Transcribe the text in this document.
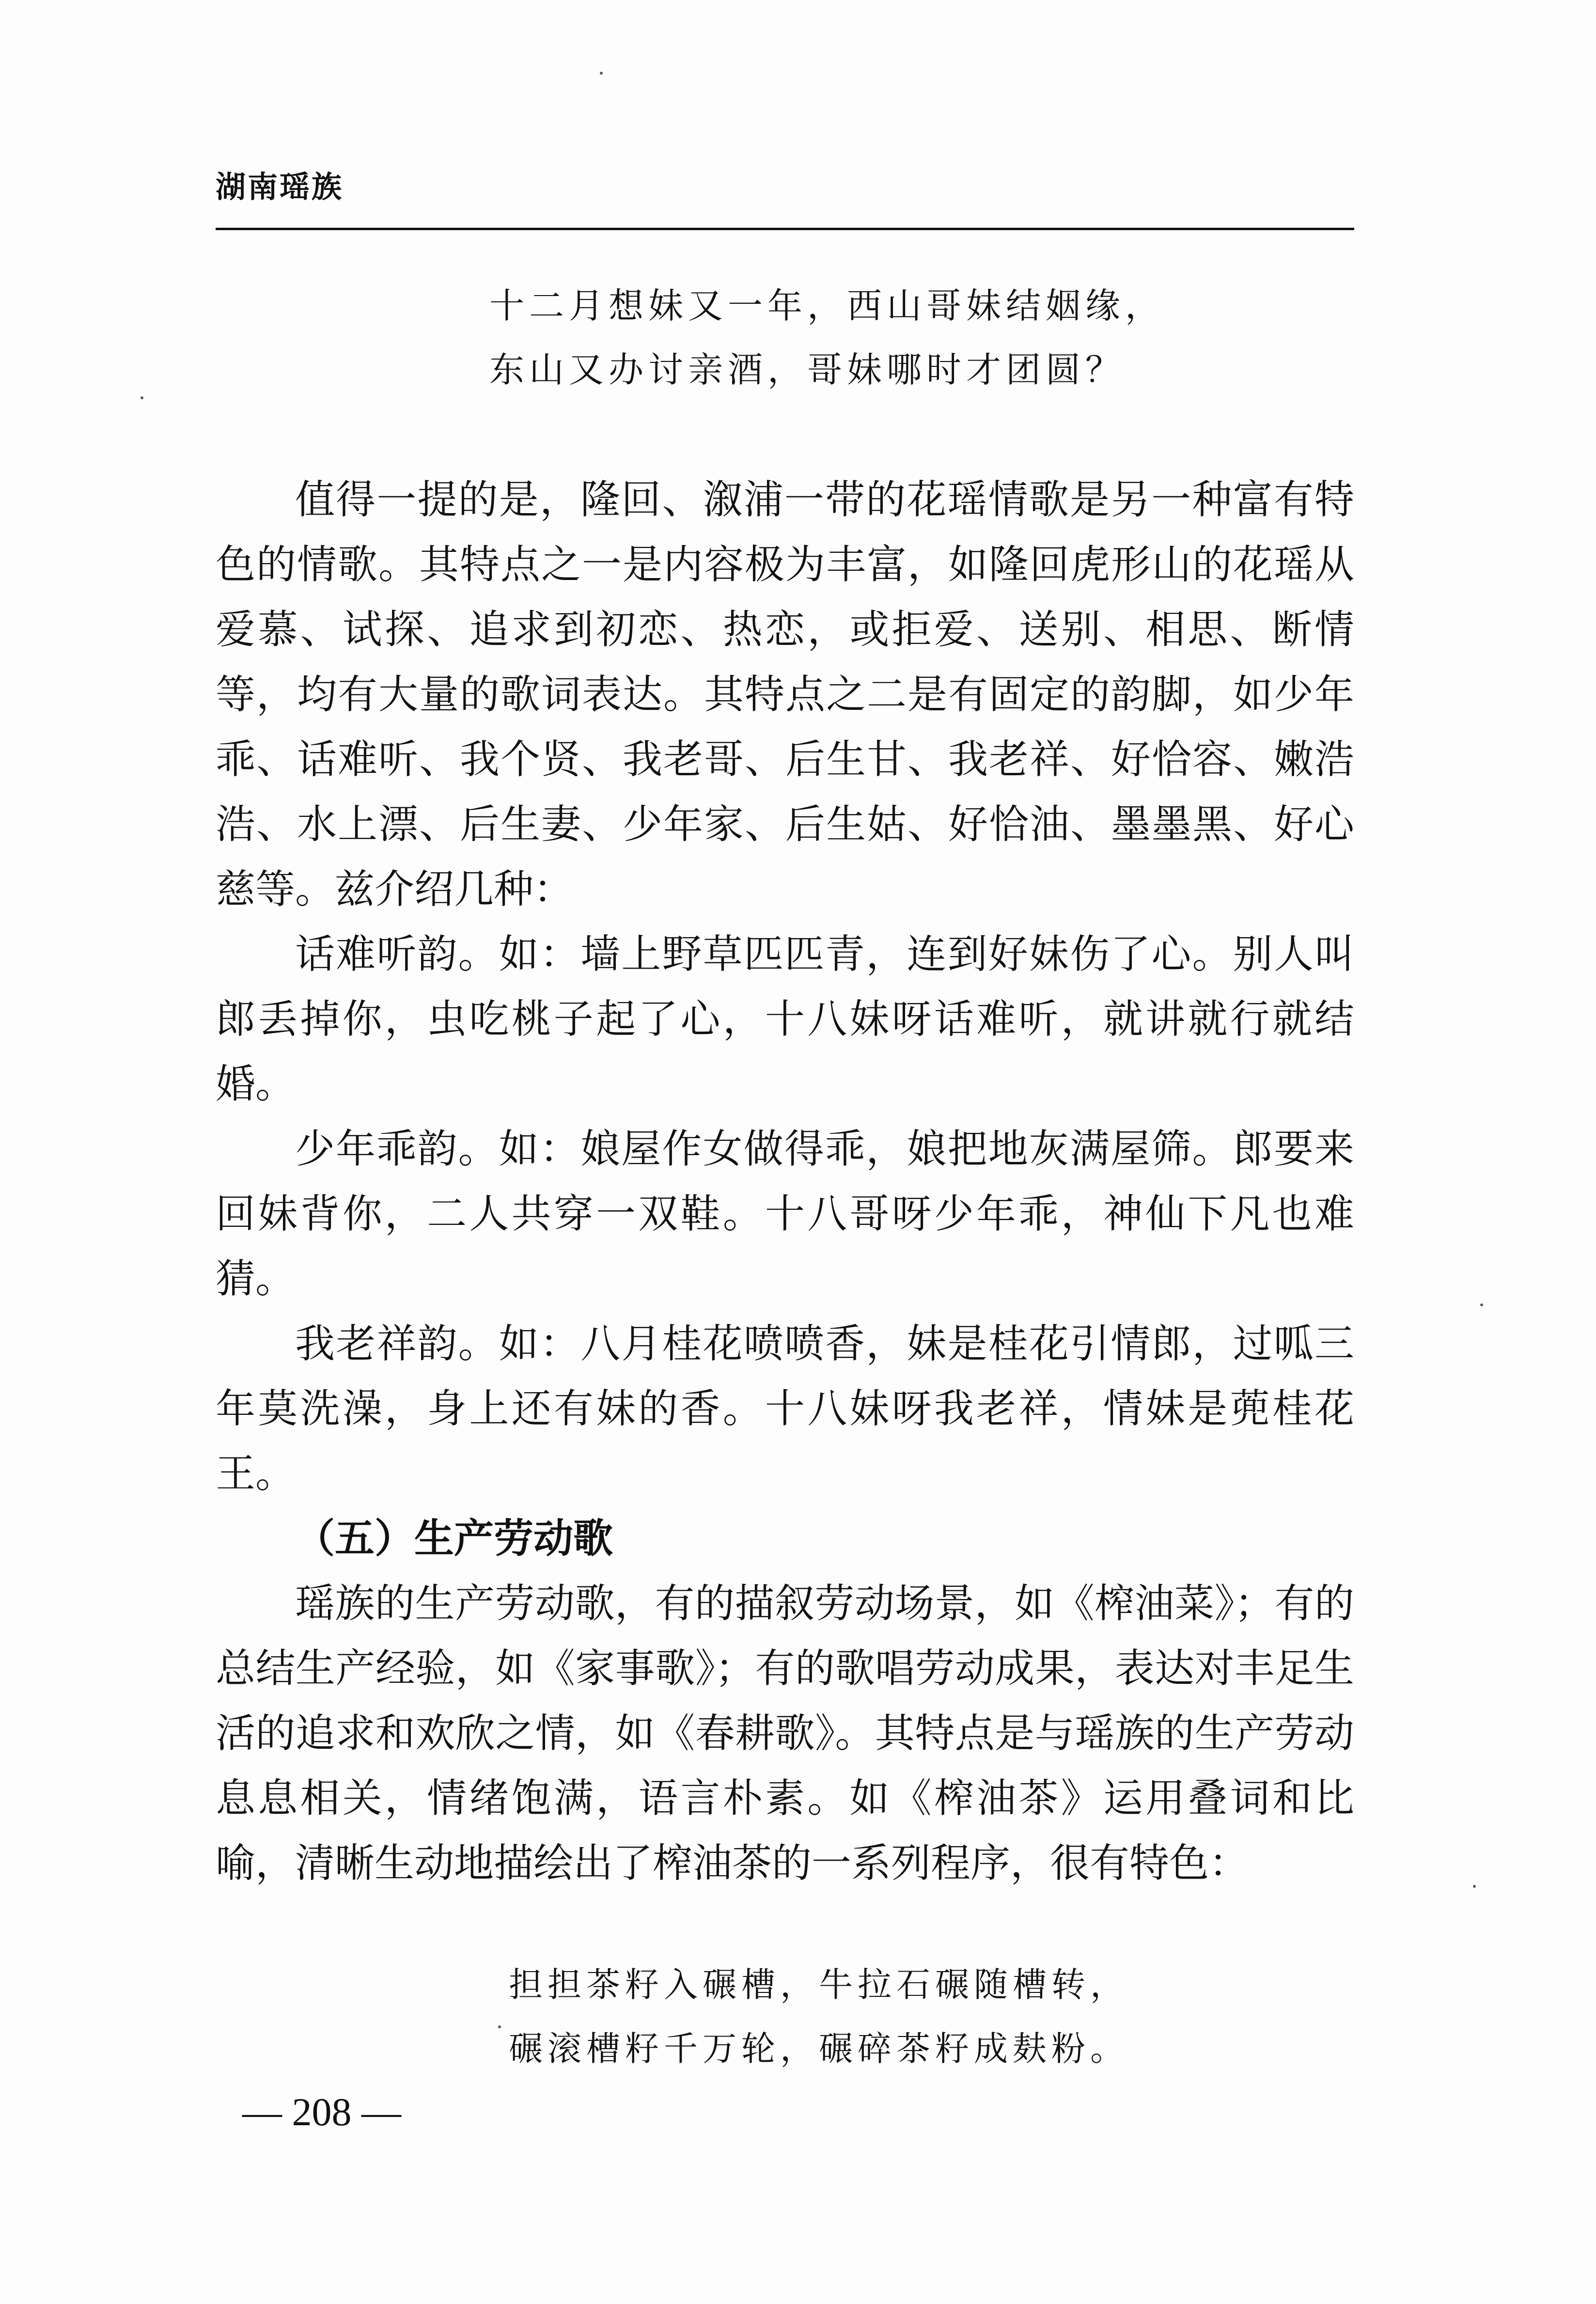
湖南瑶族
十二月想妹又一年，西山哥妹结姻缘，
东山又办讨亲酒，哥妹哪时才团圆？

值得一提的是，隆回、溆浦一带的花瑶情歌是另一种富有特色的情歌。其特点之一是内容极为丰富，如隆回虎形山的花瑶从爱慕、试探、追求到初恋、热恋，或拒爱、送别、相思、断情等，均有大量的歌词表达。其特点之二是有固定的韵脚，如少年乖、话难听、我个贤、我老哥、后生甘、我老祥、好恰容、嫩浩浩、水上漂、后生妻、少年家、后生姑、好恰油、墨墨黑、好心慈等。兹介绍几种：

话难听韵。如：墙上野草匹匹青，连到好妹伤了心。别人叫郎丢掉你，虫吃桃子起了心，十八妹呀话难听，就讲就行就结婚。

少年乖韵。如：娘屋作女做得乖，娘把地灰满屋筛。郎要来回妹背你，二人共穿一双鞋。十八哥呀少年乖，神仙下凡也难猜。

我老祥韵。如：八月桂花喷喷香，妹是桂花引情郎，过呱三年莫洗澡，身上还有妹的香。十八妹呀我老祥，情妹是蔸桂花王。

（五）生产劳动歌

瑶族的生产劳动歌，有的描叙劳动场景，如《榨油菜》；有的总结生产经验，如《家事歌》；有的歌唱劳动成果，表达对丰足生活的追求和欢欣之情，如《春耕歌》。其特点是与瑶族的生产劳动息息相关，情绪饱满，语言朴素。如《榨油茶》运用叠词和比喻，清晰生动地描绘出了榨油茶的一系列程序，很有特色：

担担茶籽入碾槽，牛拉石碾随槽转，
碾滚槽籽千万轮，碾碎茶籽成麸粉。
— 208 —
